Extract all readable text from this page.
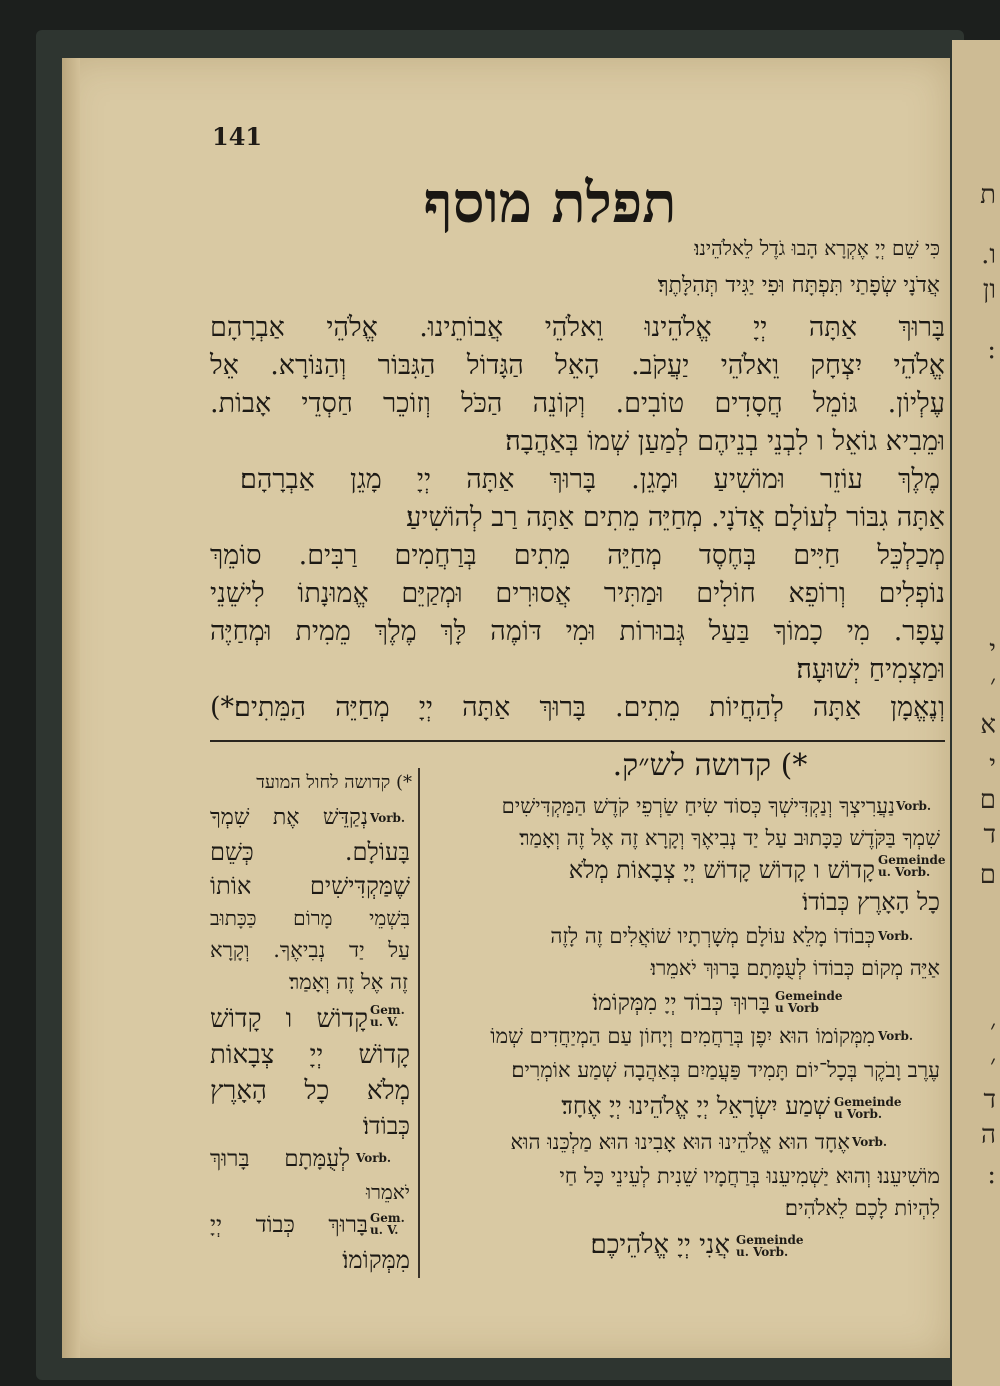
ת
ו.
ון
:
י
׳
א
י
ם
ד
ם
׳
׳
ד
ה
:
141
תפלת מוסף
כִּי שֵׁם יְיָ אֶקְרָא הָבוּ גֹדֶל לֵאלֹהֵינוּ׃
אֲדֹנָי שְׂפָתַי תִּפְתָּח וּפִי יַגִּיד תְּהִלָּתֶךָ׃
בָּרוּךְ אַתָּה יְיָ אֱלֹהֵינוּ וֵאלֹהֵי אֲבוֹתֵינוּ. אֱלֹהֵי אַבְרָהָם
אֱלֹהֵי יִצְחָק וֵאלֹהֵי יַעֲקֹב. הָאֵל הַגָּדוֹל הַגִּבּוֹר וְהַנּוֹרָא. אֵל
עֶלְיוֹן. גּוֹמֵל חֲסָדִים טוֹבִים. וְקוֹנֵה הַכֹּל וְזוֹכֵר חַסְדֵי אָבוֹת.
וּמֵבִיא גוֹאֵל ו לִבְנֵי בְנֵיהֶם לְמַעַן שְׁמוֹ בְּאַהֲבָה׃
מֶלֶךְ עוֹזֵר וּמוֹשִׁיעַ וּמָגֵן. בָּרוּךְ אַתָּה יְיָ מָגֵן אַבְרָהָם׃
אַתָּה גִבּוֹר לְעוֹלָם אֲדֹנָי. מְחַיֵּה מֵתִים אַתָּה רַב לְהוֹשִׁיעַ׃
מְכַלְכֵּל חַיִּים בְּחֶסֶד מְחַיֵּה מֵתִים בְּרַחֲמִים רַבִּים. סוֹמֵךְ
נוֹפְלִים וְרוֹפֵא חוֹלִים וּמַתִּיר אֲסוּרִים וּמְקַיֵּם אֱמוּנָתוֹ לִישֵׁנֵי
עָפָר. מִי כָמוֹךָ בַּעַל גְּבוּרוֹת וּמִי דּוֹמֶה לָּךְ מֶלֶךְ מֵמִית וּמְחַיֶּה
וּמַצְמִיחַ יְשׁוּעָה׃
וְנֶאֱמָן אַתָּה לְהַחֲיוֹת מֵתִים. בָּרוּךְ אַתָּה יְיָ מְחַיֵּה הַמֵּתִים׃*)
*) קדושה לש״ק.
נַעֲרִיצְךָ וְנַקְדִּישְׁךָ כְּסוֹד שִׂיחַ שַׂרְפֵי קֹדֶשׁ הַמַּקְדִּישִׁים Vorb.
שִׁמְךָ בַּקֹּדֶשׁ כַּכָּתוּב עַל יַד נְבִיאֶךָ וְקָרָא זֶה אֶל זֶה וְאָמַר׃
קָדוֹשׁ ו קָדוֹשׁ קָדוֹשׁ יְיָ צְבָאוֹת מְלֹא Gemeinde u. Vorb.
כָל הָאָרֶץ כְּבוֹדוֹ׃
כְּבוֹדוֹ מָלֵא עוֹלָם מְשָׁרְתָיו שׁוֹאֲלִים זֶה לָזֶה Vorb.
אַיֵּה מְקוֹם כְּבוֹדוֹ לְעֻמָּתָם בָּרוּךְ יֹאמֵרוּ׃
בָּרוּךְ כְּבוֹד יְיָ מִמְּקוֹמוֹ׃ Gemeinde u Vorb
מִמְּקוֹמוֹ הוּא יִפֶן בְּרַחֲמִים וְיָחוֹן עַם הַמְיַחֲדִים שְׁמוֹ Vorb.
עֶרֶב וָבֹקֶר בְּכָל־יוֹם תָּמִיד פַּעֲמַיִם בְּאַהֲבָה שְׁמַע אוֹמְרִים׃
שְׁמַע יִשְׂרָאֵל יְיָ אֱלֹהֵינוּ יְיָ אֶחָד׃ Gemeinde u Vorb.
אֶחָד הוּא אֱלֹהֵינוּ הוּא אָבִינוּ הוּא מַלְכֵּנוּ הוּא Vorb.
מוֹשִׁיעֵנוּ׃ וְהוּא יַשְׁמִיעֵנוּ בְּרַחֲמָיו שֵׁנִית לְעֵינֵי כָּל חַי
לִהְיוֹת לָכֶם לֵאלֹהִים׃
אֲנִי יְיָ אֱלֹהֵיכֶם׃ Gemeinde u. Vorb.
*) קדושה לחול המועד
נְקַדֵּשׁ אֶת שִׁמְךָ Vorb.
בָּעוֹלָם. כְּשֵׁם
שֶׁמַּקְדִּישִׁים אוֹתוֹ
בִּשְׁמֵי מָרוֹם כַּכָּתוּב
עַל יַד נְבִיאֶךָ. וְקָרָא
זֶה אֶל זֶה וְאָמַר׃
קָדוֹשׁ ו קָדוֹשׁ Gem. u. V.
קָדוֹשׁ יְיָ צְבָאוֹת
מְלֹא כָל הָאָרֶץ
כְּבוֹדוֹ׃
לְעֻמָּתָם בָּרוּךְ Vorb.
יֹאמֵרוּ
בָּרוּךְ כְּבוֹד יְיָ Gem. u. V.
מִמְּקוֹמוֹ׃
